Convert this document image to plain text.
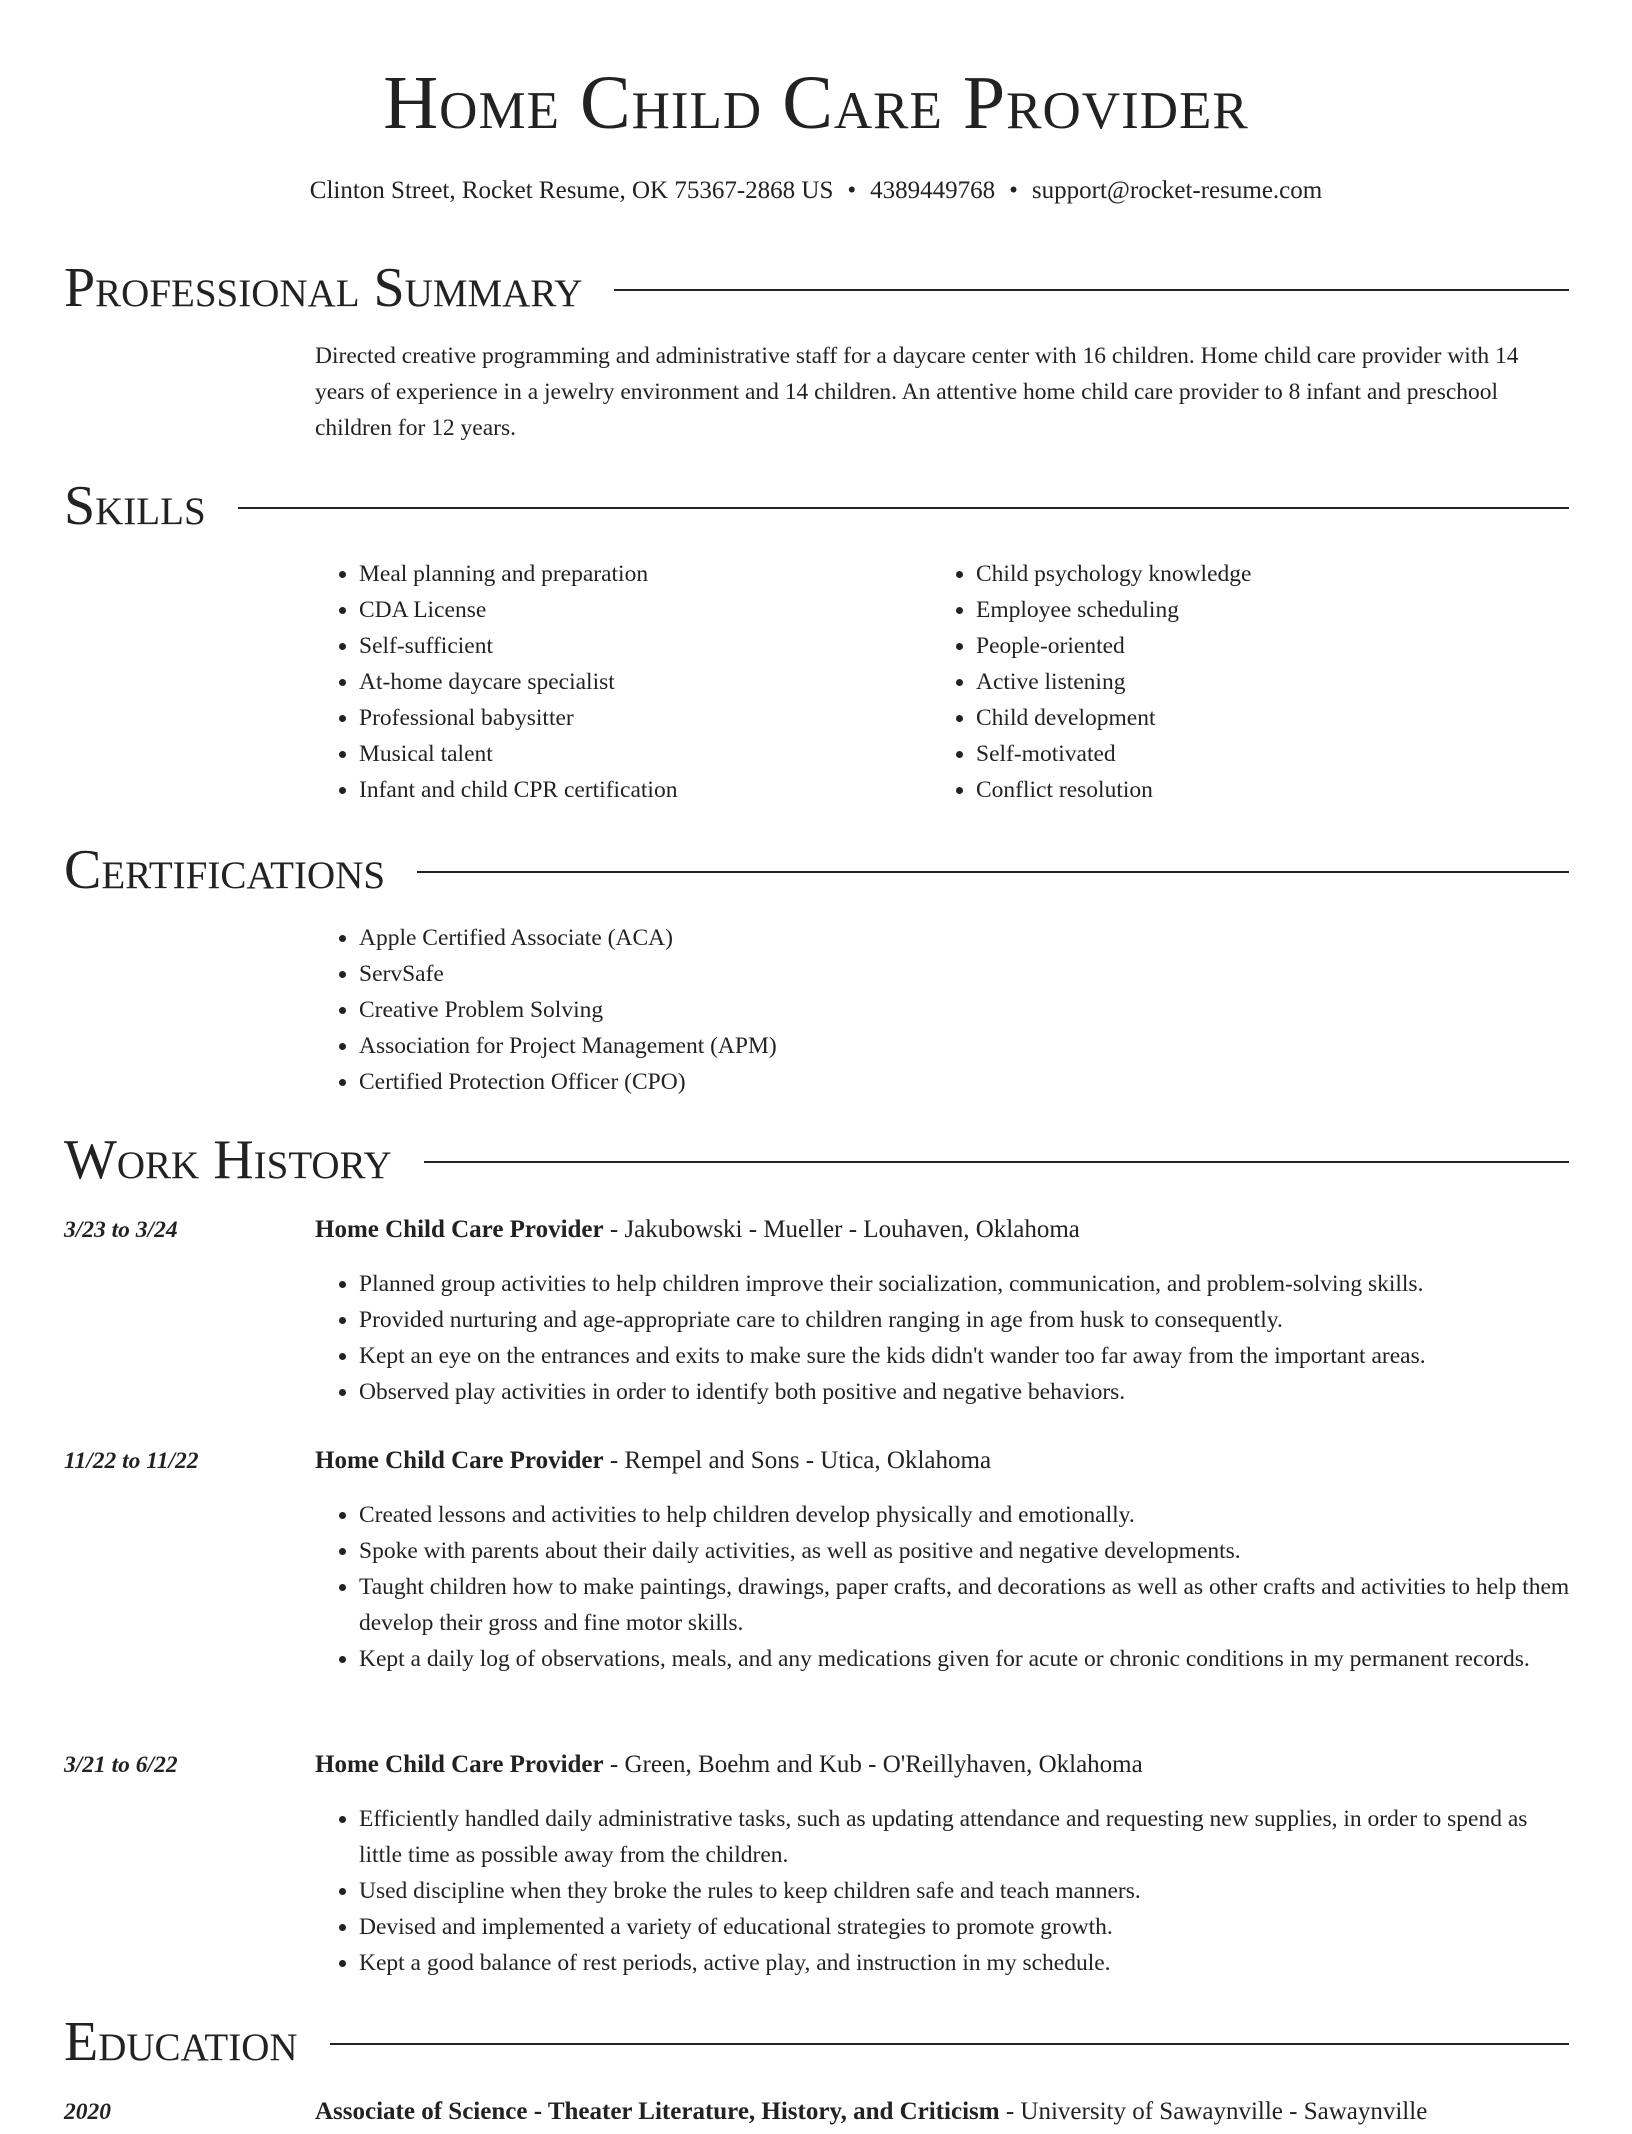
Home Child Care Provider
Clinton Street, Rocket Resume, OK 75367-2868 US • 4389449768 • support@rocket-resume.com
Professional Summary
Directed creative programming and administrative staff for a daycare center with 16 children. Home child care provider with 14 years of experience in a jewelry environment and 14 children. An attentive home child care provider to 8 infant and preschool children for 12 years.
Skills
• Meal planning and preparation
• CDA License
• Self-sufficient
• At-home daycare specialist
• Professional babysitter
• Musical talent
• Infant and child CPR certification
• Child psychology knowledge
• Employee scheduling
• People-oriented
• Active listening
• Child development
• Self-motivated
• Conflict resolution
Certifications
• Apple Certified Associate (ACA)
• ServSafe
• Creative Problem Solving
• Association for Project Management (APM)
• Certified Protection Officer (CPO)
Work History
3/23 to 3/24	Home Child Care Provider - Jakubowski - Mueller - Louhaven, Oklahoma
• Planned group activities to help children improve their socialization, communication, and problem-solving skills.
• Provided nurturing and age-appropriate care to children ranging in age from husk to consequently.
• Kept an eye on the entrances and exits to make sure the kids didn't wander too far away from the important areas.
• Observed play activities in order to identify both positive and negative behaviors.
11/22 to 11/22	Home Child Care Provider - Rempel and Sons - Utica, Oklahoma
• Created lessons and activities to help children develop physically and emotionally.
• Spoke with parents about their daily activities, as well as positive and negative developments.
• Taught children how to make paintings, drawings, paper crafts, and decorations as well as other crafts and activities to help them develop their gross and fine motor skills.
• Kept a daily log of observations, meals, and any medications given for acute or chronic conditions in my permanent records.
3/21 to 6/22	Home Child Care Provider - Green, Boehm and Kub - O'Reillyhaven, Oklahoma
• Efficiently handled daily administrative tasks, such as updating attendance and requesting new supplies, in order to spend as little time as possible away from the children.
• Used discipline when they broke the rules to keep children safe and teach manners.
• Devised and implemented a variety of educational strategies to promote growth.
• Kept a good balance of rest periods, active play, and instruction in my schedule.
Education
2020	Associate of Science - Theater Literature, History, and Criticism - University of Sawaynville - Sawaynville
